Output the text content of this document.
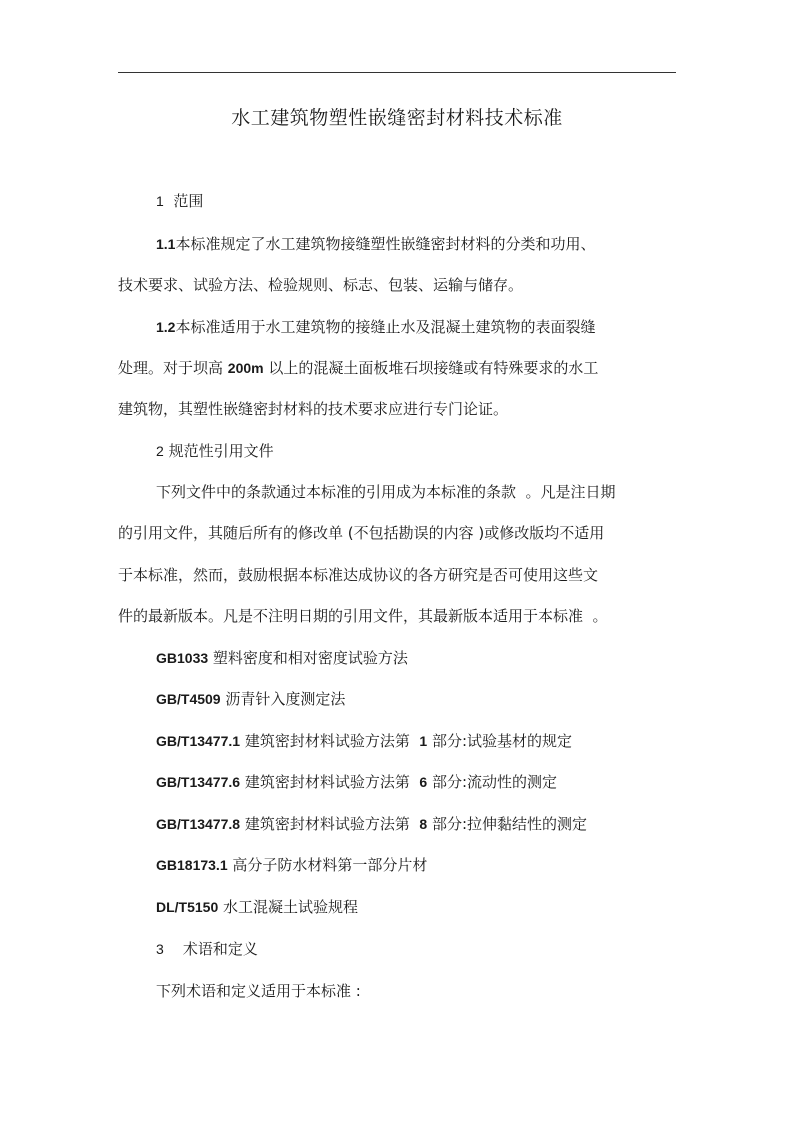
水工建筑物塑性嵌缝密封材料技术标准
1 范围
1.1本标准规定了水工建筑物接缝塑性嵌缝密封材料的分类和功用、
技术要求、试验方法、检验规则、标志、包装、运输与储存。
1.2本标准适用于水工建筑物的接缝止水及混凝土建筑物的表面裂缝
处理。对于坝高 200m 以上的混凝土面板堆石坝接缝或有特殊要求的水工
建筑物，其塑性嵌缝密封材料的技术要求应进行专门论证。
2 规范性引用文件
下列文件中的条款通过本标准的引用成为本标准的条款  。凡是注日期
的引用文件，其随后所有的修改单 (不包括勘误的内容 )或修改版均不适用
于本标准，然而，鼓励根据本标准达成协议的各方研究是否可使用这些文
件的最新版本。凡是不注明日期的引用文件，其最新版本适用于本标准  。
GB1033 塑料密度和相对密度试验方法
GB/T4509 沥青针入度测定法
GB/T13477.1 建筑密封材料试验方法第  1 部分:试验基材的规定
GB/T13477.6 建筑密封材料试验方法第  6 部分:流动性的测定
GB/T13477.8 建筑密封材料试验方法第  8 部分:拉伸黏结性的测定
GB18173.1 高分子防水材料第一部分片材
DL/T5150 水工混凝土试验规程
3 术语和定义
下列术语和定义适用于本标准 :
